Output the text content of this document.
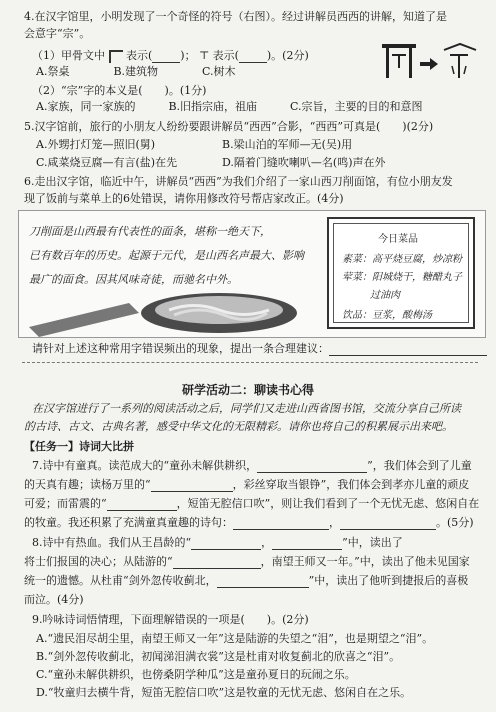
4.在汉字馆里，小明发现了一个奇怪的符号（右图）。经过讲解员西西的讲解，知道了是
会意字“宗”。
（1）甲骨文中 表示(	)； ⊤ 表示(	)。(2分)
A.祭桌　　　　B.建筑物　　　　C.树木
（2）“宗”字的本义是(　　)。(1分)
A.家族，同一家族的　　　B.旧指宗庙，祖庙　　　C.宗旨，主要的目的和意图
5.汉字馆前，旅行的小朋友人纷纷要跟讲解员“西西”合影，“西西”可真是(　　)(2分)
A.外甥打灯笼—照旧(舅)	B.梁山泊的军师—无(吴)用
C.咸菜烧豆腐—有言(盐)在先	D.隔着门缝吹喇叭—名(鸣)声在外
6.走出汉字馆，临近中午，讲解员“西西”为我们介绍了一家山西刀削面馆，有位小朋友发
现了饭前与菜单上的6处错误，请你用修改符号帮店家改正。(4分)
刀削面是山西最有代表性的面条，堪称一绝天下，
已有数百年的历史。起源于元代，是山西名声最大、影响
最广的面食。因其风味奇徒，而驰名中外。
今日菜品
素菜：高平烧豆腐，炒凉粉
荤菜：阳城烧干，糖醋丸子
过油肉
饮品：豆浆，酸梅汤
请针对上述这种常用字错误频出的现象，提出一条合理建议：
研学活动二：聊读书心得
在汉字馆进行了一系列的阅读活动之后，同学们又走进山西省图书馆，交流分享自己所读
的古诗、古文、古典名著，感受中华文化的无限精彩。请你也将自己的积累展示出来吧。
【任务一】诗词大比拼
7.诗中有童真。读范成大的“童孙未解供耕织，	”，我们体会到了儿童
的天真有趣；读杨万里的“	，彩丝穿取当银铮”，我们体会到孝亦儿童的顽皮
可爱；而雷震的“	，短笛无腔信口吹”，则让我们看到了一个无忧无虑、悠闲自在
的牧童。我还积累了充满童真童趣的诗句：	，	。(5分)
8.诗中有热血。我们从王昌龄的“	，	”中，读出了
将士们报国的决心；从陆游的“	，南望王师又一年。”中，读出了他未见国家
统一的遗憾。从杜甫“剑外忽传收蓟北，	”中，读出了他听到捷报后的喜极
而泣。(4分)
9.吟咏诗词悟情理，下面理解错误的一项是(　　)。(2分)
A.“遗民泪尽胡尘里，南望王师又一年”这是陆游的失望之“泪”，也是期望之“泪”。
B.“剑外忽传收蓟北，初闻涕泪满衣裳”这是杜甫对收复蓟北的欣喜之“泪”。
C.“童孙未解供耕织，也傍桑阴学种瓜”这是童孙夏日的玩闹之乐。
D.“牧童归去横牛背，短笛无腔信口吹”这是牧童的无忧无虑、悠闲自在之乐。
